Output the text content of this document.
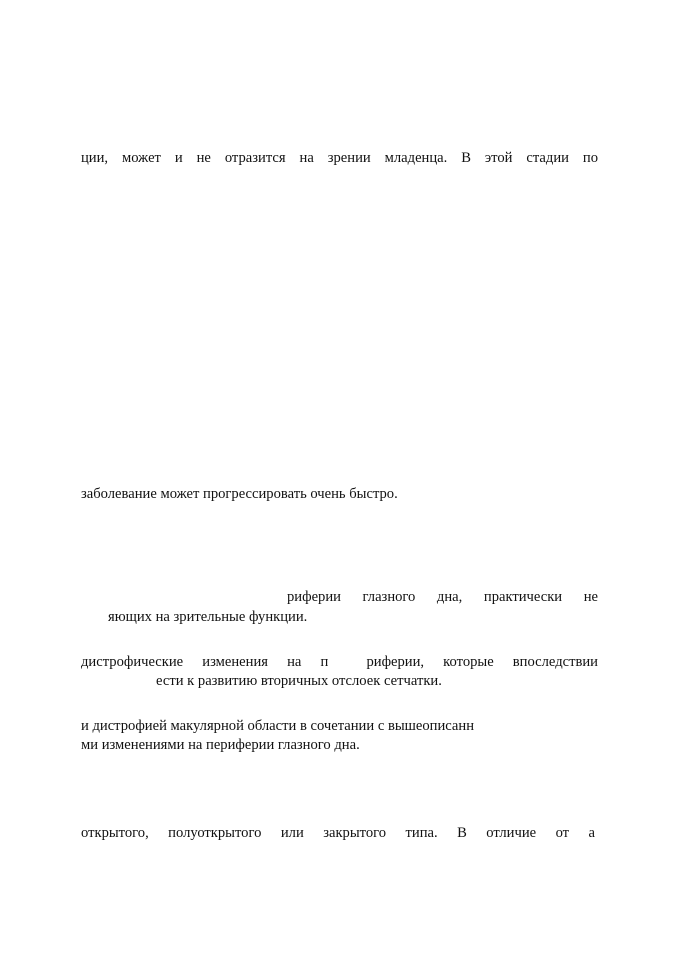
ции, может и не отразится на зрении младенца. В этой стадии по
заболевание может прогрессировать очень быстро.
риферии глазного дна, практически не
яющих на зрительные функции.
дистрофические изменения на п  риферии, которые впоследствии
ести к развитию вторичных отслоек сетчатки.
и дистрофией макулярной области в сочетании с вышеописанн
ми изменениями на периферии глазного дна.
открытого, полуоткрытого или закрытого типа. В отличие от а
